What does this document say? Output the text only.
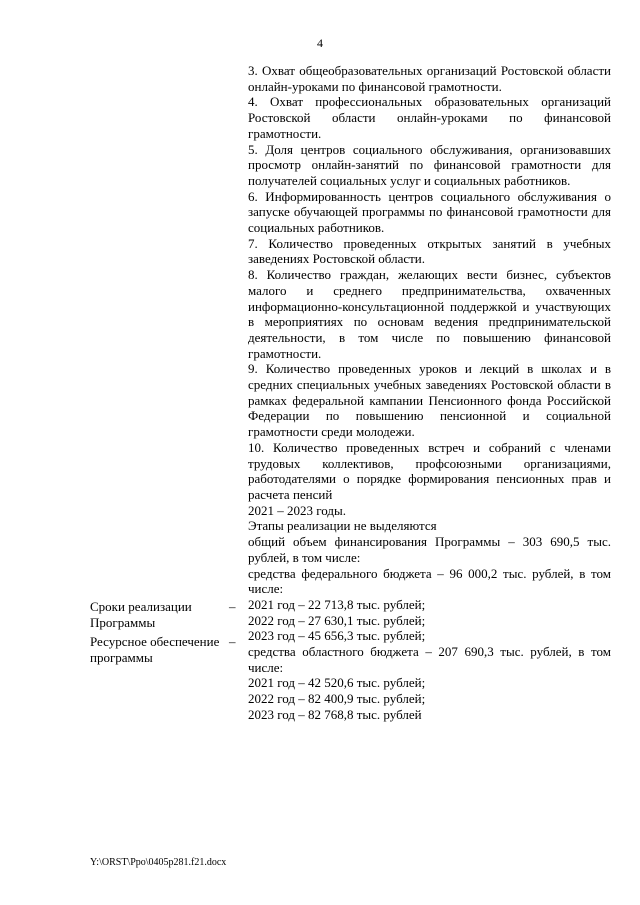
4

3. Охват общеобразовательных организаций Ростовской области онлайн-уроками по финансовой грамотности.

4. Охват профессиональных образовательных организаций Ростовской области онлайн-уроками по финансовой грамотности.

5. Доля центров социального обслуживания, организовавших просмотр онлайн-занятий по финансовой грамотности для получателей социальных услуг и социальных работников.

6. Информированность центров социального обслуживания о запуске обучающей программы по финансовой грамотности для социальных работников.

7. Количество проведенных открытых занятий в учебных заведениях Ростовской области.

8. Количество граждан, желающих вести бизнес, субъектов малого и среднего предпринимательства, охваченных информационно-консультационной поддержкой и участвующих в мероприятиях по основам ведения предпринимательской деятельности, в том числе по повышению финансовой грамотности.

9. Количество проведенных уроков и лекций в школах и в средних специальных учебных заведениях Ростовской области в рамках федеральной кампании Пенсионного фонда Российской Федерации по повышению пенсионной и социальной грамотности среди молодежи.

10. Количество проведенных встреч и собраний с членами трудовых коллективов, профсоюзными организациями, работодателями о порядке формирования пенсионных прав и расчета пенсий

2021 – 2023 годы.

Этапы реализации не выделяются

общий объем финансирования Программы – 303 690,5 тыс. рублей, в том числе:

средства федерального бюджета – 96 000,2 тыс. рублей, в том числе:

2021 год – 22 713,8 тыс. рублей;

2022 год – 27 630,1 тыс. рублей;

2023 год – 45 656,3 тыс. рублей;

средства областного бюджета – 207 690,3 тыс. рублей, в том числе:

2021 год – 42 520,6 тыс. рублей;

2022 год – 82 400,9 тыс. рублей;

2023 год – 82 768,8 тыс. рублей

Сроки реализации Программы
–
Ресурсное обеспечение программы
–
Y:\ORST\Ppo\0405p281.f21.docx
